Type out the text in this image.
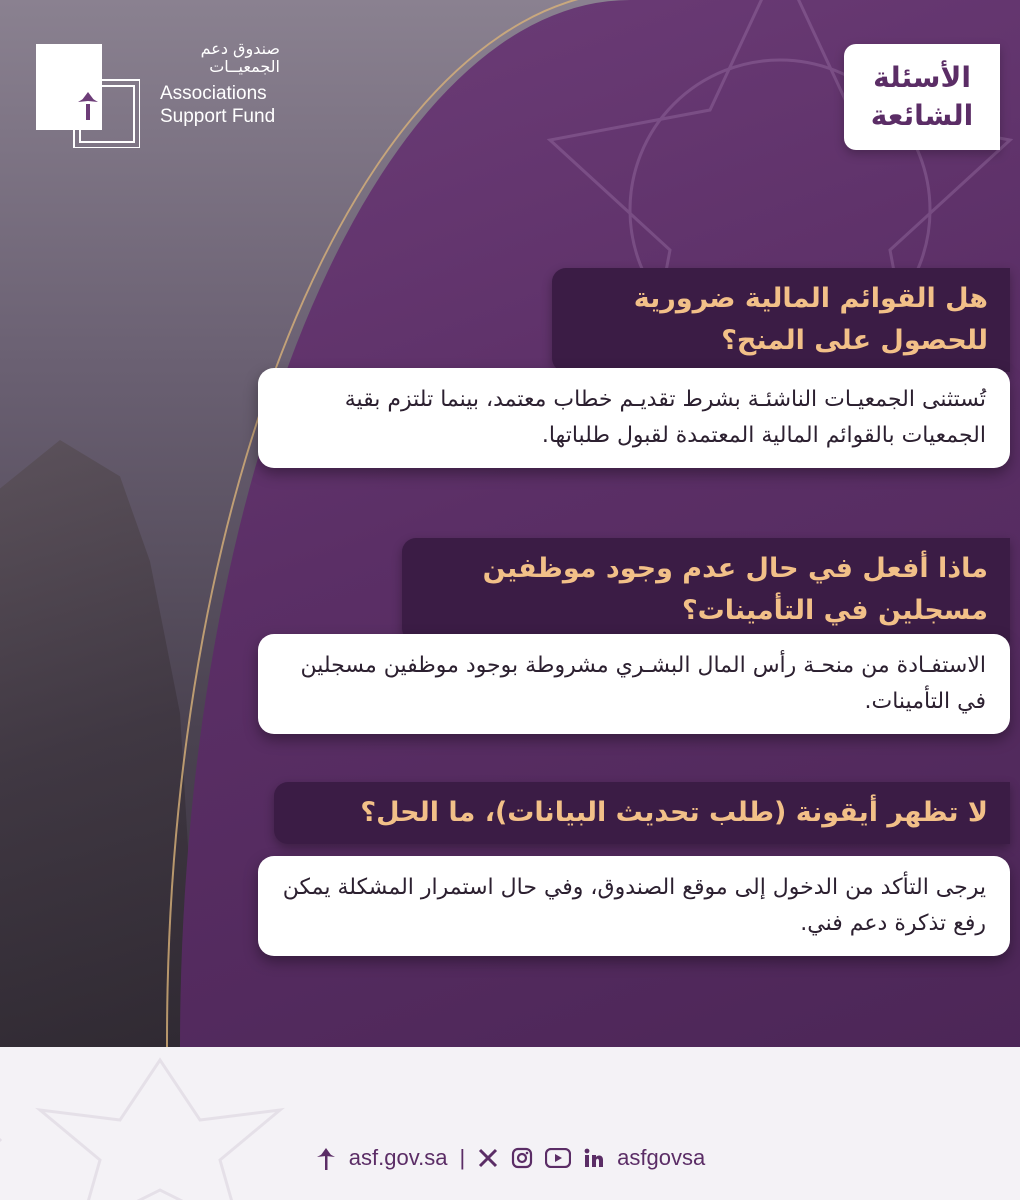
صندوق دعم
الجمعيــات
Associations
Support Fund
الأسئلة
الشائعة
هل القوائم المالية ضرورية للحصول على المنح؟
تُستثنى الجمعيـات الناشئـة بشرط تقديـم خطاب معتمد، بينما تلتزم بقية الجمعيات بالقوائم المالية المعتمدة لقبول طلباتها.
ماذا أفعل في حال عدم وجود موظفين مسجلين في التأمينات؟
الاستفـادة من منحـة رأس المال البشـري مشروطة بوجود موظفين مسجلين في التأمينات.
لا تظهر أيقونة (طلب تحديث البيانات)، ما الحل؟
يرجى التأكد من الدخول إلى موقع الصندوق، وفي حال استمرار المشكلة يمكن رفع تذكرة دعم فني.
asf.gov.sa |	asfgovsa
